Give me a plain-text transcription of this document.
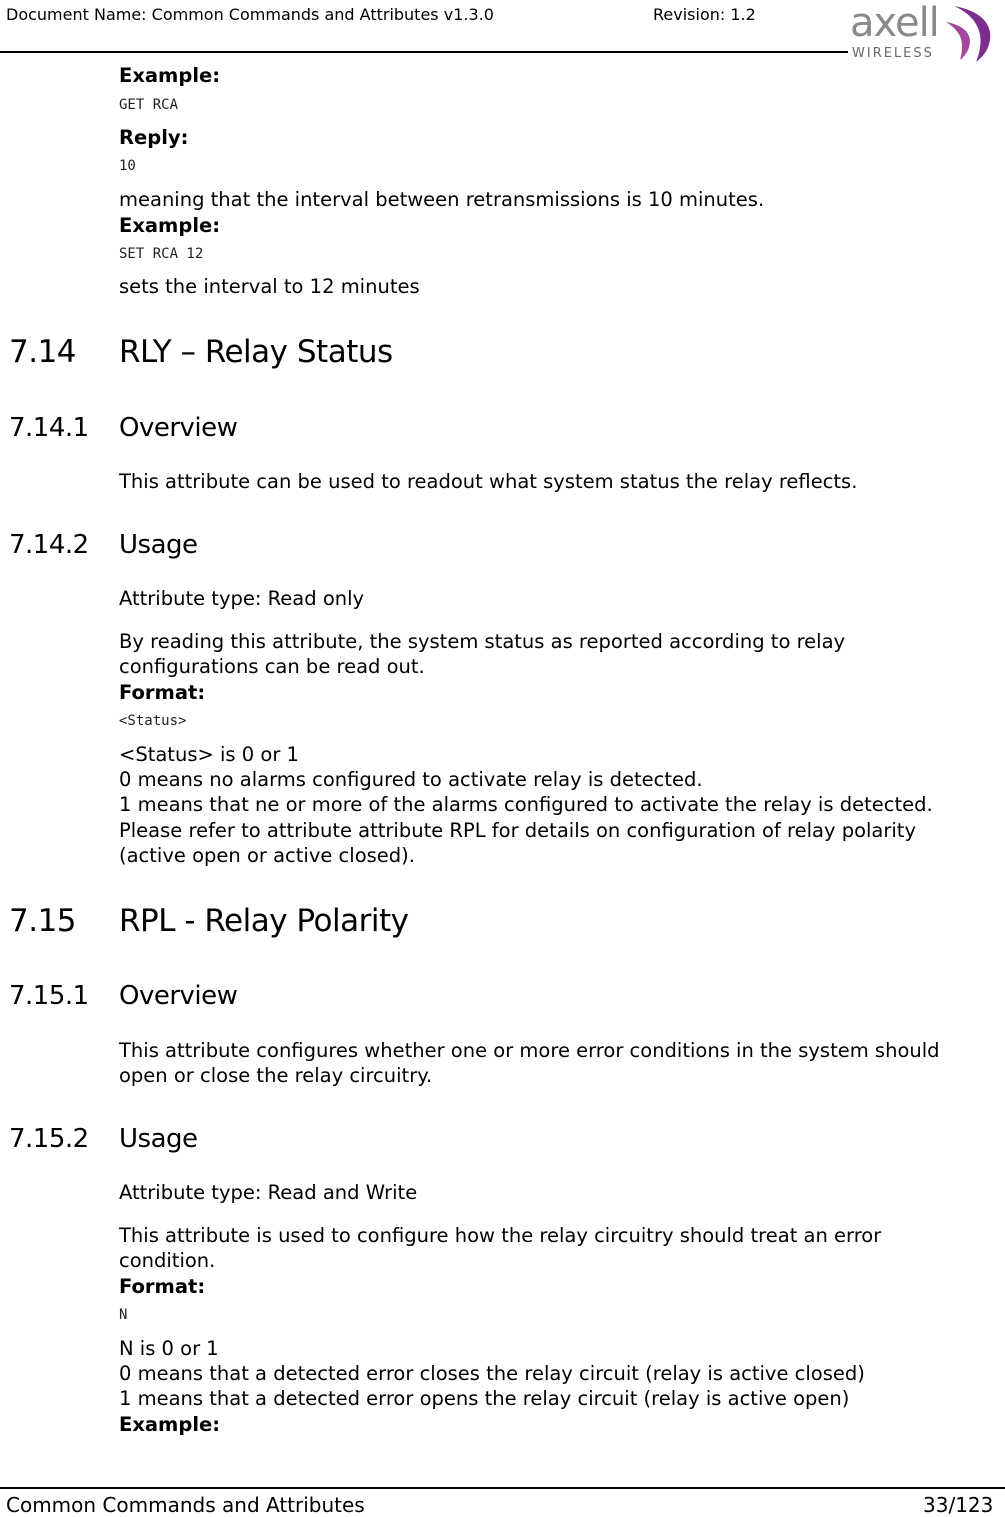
Document Name: Common Commands and Attributes v1.3.0	Revision: 1.2 axell
WIRELESS
Example:
GET RCA
Reply:
10
meaning that the interval between retransmissions is 10 minutes.
Example:
SET RCA 12
sets the interval to 12 minutes
7.14 RLY – Relay Status
7.14.1 Overview
This attribute can be used to readout what system status the relay reflects.
7.14.2 Usage
Attribute type: Read only
By reading this attribute, the system status as reported according to relay
configurations can be read out.
Format:
<Status>
<Status> is 0 or 1
0 means no alarms configured to activate relay is detected.
1 means that ne or more of the alarms configured to activate the relay is detected.
Please refer to attribute attribute RPL for details on configuration of relay polarity
(active open or active closed).
7.15 RPL - Relay Polarity
7.15.1 Overview
This attribute configures whether one or more error conditions in the system should
open or close the relay circuitry.
7.15.2 Usage
Attribute type: Read and Write
This attribute is used to configure how the relay circuitry should treat an error
condition.
Format:
N
N is 0 or 1
0 means that a detected error closes the relay circuit (relay is active closed)
1 means that a detected error opens the relay circuit (relay is active open)
Example:
Common Commands and Attributes	33/123
